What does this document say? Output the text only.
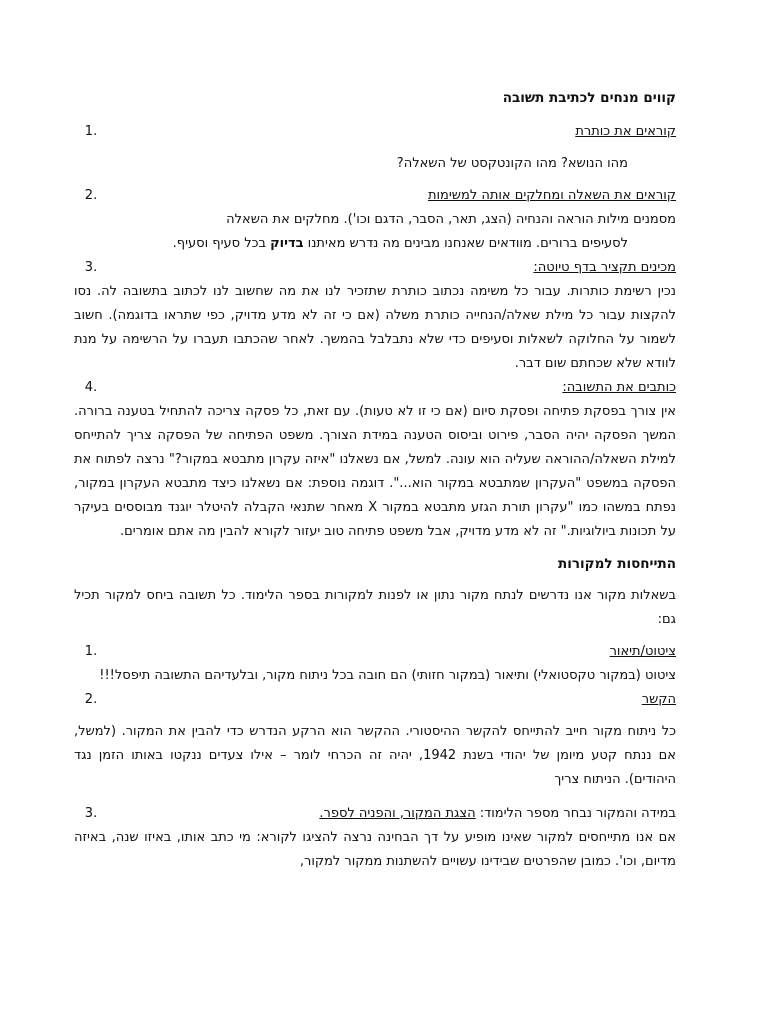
קווים מנחים לכתיבת תשובה
קוראים את כותרת
1.

מהו הנושא? מהו הקונטקסט של השאלה?

קוראים את השאלה ומחלקים אותה למשימות
2.

מסמנים מילות הוראה והנחיה (הצג, תאר, הסבר, הדגם וכו'). מחלקים את השאלה

לסעיפים ברורים. מוודאים שאנחנו מבינים מה נדרש מאיתנו בדיוק בכל סעיף וסעיף.

מכינים תקציר בדף טיוטה:
3.

נכין רשימת כותרות. עבור כל משימה נכתוב כותרת שתזכיר לנו את מה שחשוב לנו לכתוב בתשובה לה. נסו להקצות עבור כל מילת שאלה/הנחייה כותרת משלה (אם כי זה לא מדע מדויק, כפי שתראו בדוגמה). חשוב לשמור על החלוקה לשאלות וסעיפים כדי שלא נתבלבל בהמשך. לאחר שהכתבו תעברו על הרשימה על מנת לוודא שלא שכחתם שום דבר.

כותבים את התשובה:
4.

אין צורך בפסקת פתיחה ופסקת סיום (אם כי זו לא טעות). עם זאת, כל פסקה צריכה להתחיל בטענה ברורה. המשך הפסקה יהיה הסבר, פירוט וביסוס הטענה במידת הצורך. משפט הפתיחה של הפסקה צריך להתייחס למילת השאלה/ההוראה שעליה הוא עונה. למשל, אם נשאלנו "איזה עקרון מתבטא במקור?" נרצה לפתוח את הפסקה במשפט "העקרון שמתבטא במקור הוא...". דוגמה נוספת: אם נשאלנו כיצד מתבטא העקרון במקור, נפתח במשהו כמו "עקרון תורת הגזע מתבטא במקור X מאחר שתנאי הקבלה להיטלר יוגנד מבוססים בעיקר על תכונות ביולוגיות." זה לא מדע מדויק, אבל משפט פתיחה טוב יעזור לקורא להבין מה אתם אומרים.

התייחסות למקורות

בשאלות מקור אנו נדרשים לנתח מקור נתון או לפנות למקורות בספר הלימוד. כל תשובה ביחס למקור תכיל גם:

ציטוט/תיאור
1.

ציטוט (במקור טקסטואלי) ותיאור (במקור חזותי) הם חובה בכל ניתוח מקור, ובלעדיהם התשובה תיפסל!!!

הקשר
2.

כל ניתוח מקור חייב להתייחס להקשר ההיסטורי. ההקשר הוא הרקע הנדרש כדי להבין את המקור. (למשל, אם ננתח קטע מיומן של יהודי בשנת 1942, יהיה זה הכרחי לומר – אילו צעדים ננקטו באותו הזמן נגד היהודים). הניתוח צריך

במידה והמקור נבחר מספר הלימוד: הצגת המקור, והפניה לספר.
3.

אם אנו מתייחסים למקור שאינו מופיע על דך הבחינה נרצה להציגו לקורא: מי כתב אותו, באיזו שנה, באיזה מדיום, וכו'. כמובן שהפרטים שבידינו עשויים להשתנות ממקור למקור,
